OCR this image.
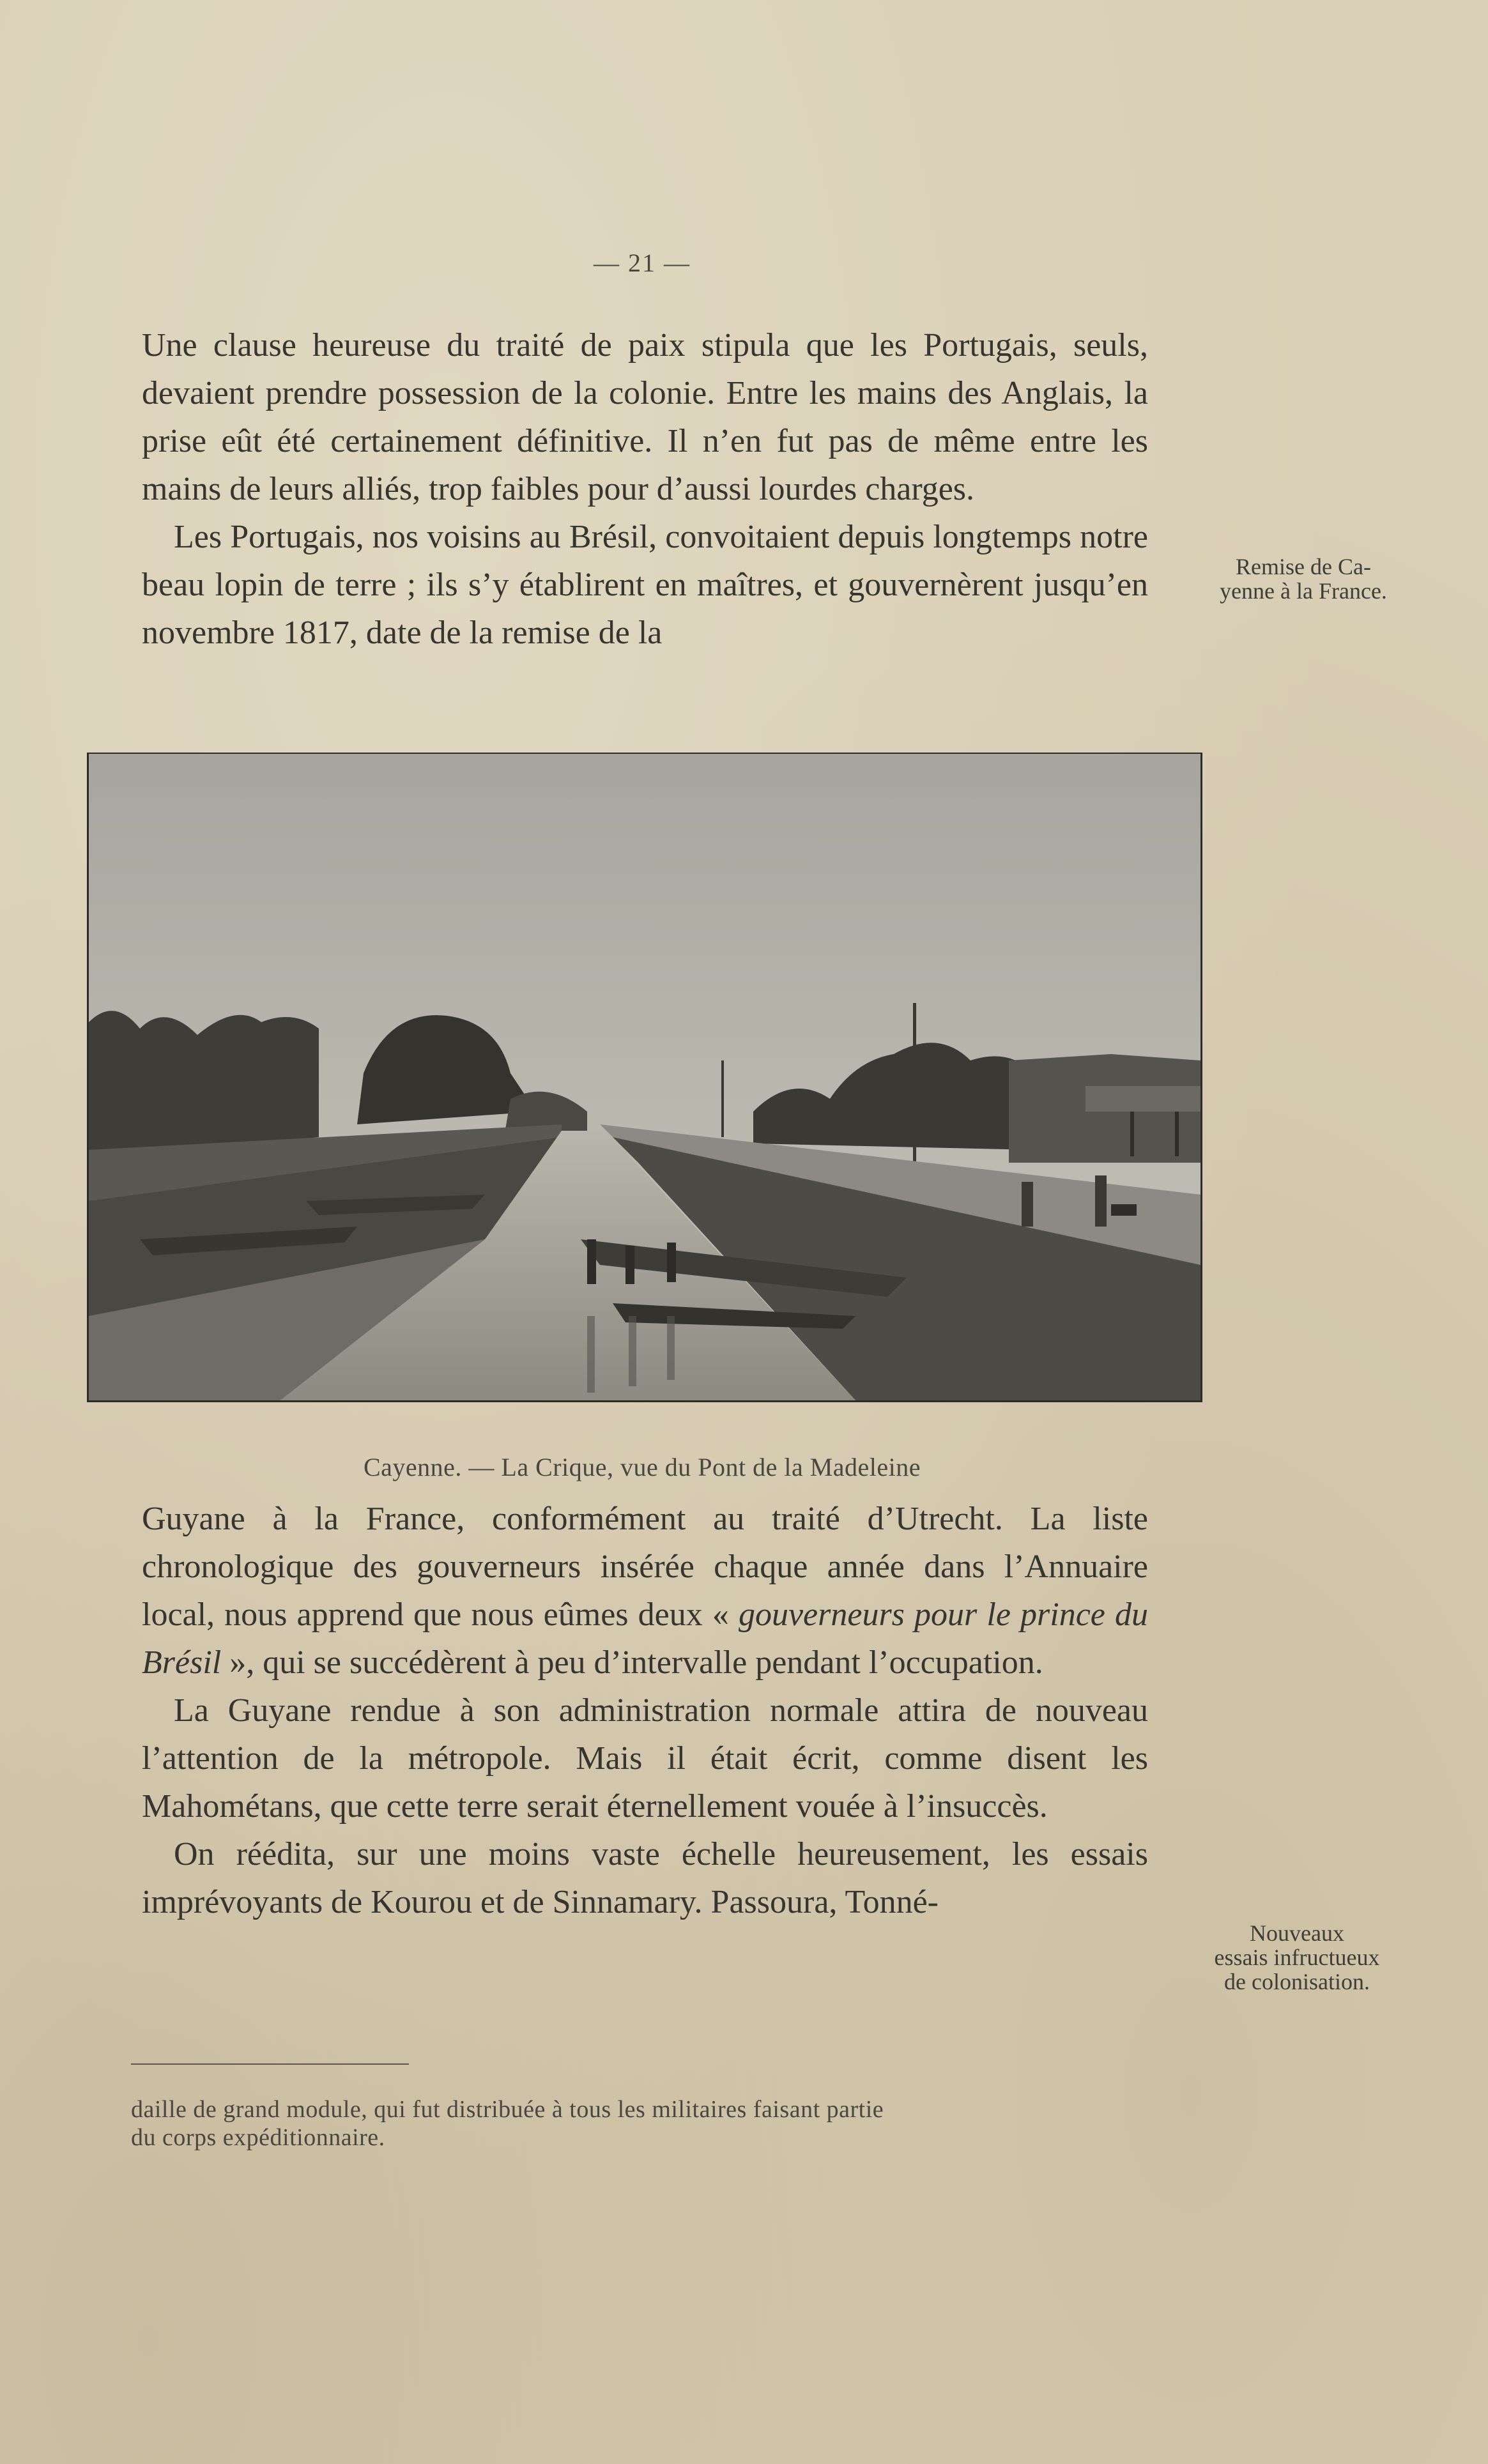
— 21 —

Une clause heureuse du traité de paix stipula que les Portugais, seuls, devaient prendre possession de la colonie. Entre les mains des Anglais, la prise eût été certainement définitive. Il n’en fut pas de même entre les mains de leurs alliés, trop faibles pour d’aussi lourdes charges.

Les Portugais, nos voisins au Brésil, convoitaient depuis longtemps notre beau lopin de terre ; ils s’y établirent en maîtres, et gouvernèrent jusqu’en novembre 1817, date de la remise de la

Remise de Ca-
yenne à la France.
Cayenne. — La Crique, vue du Pont de la Madeleine

Guyane à la France, conformément au traité d’Utrecht. La liste chronologique des gouverneurs insérée chaque année dans l’Annuaire local, nous apprend que nous eûmes deux « gouverneurs pour le prince du Brésil », qui se succédèrent à peu d’intervalle pendant l’occupation.

La Guyane rendue à son administration normale attira de nouveau l’attention de la métropole. Mais il était écrit, comme disent les Mahométans, que cette terre serait éternellement vouée à l’insuccès.

On réédita, sur une moins vaste échelle heureusement, les essais imprévoyants de Kourou et de Sinnamary. Passoura, Tonné-

Nouveaux
essais infructueux
de colonisation.

daille de grand module, qui fut distribuée à tous les militaires faisant partie

du corps expéditionnaire.
